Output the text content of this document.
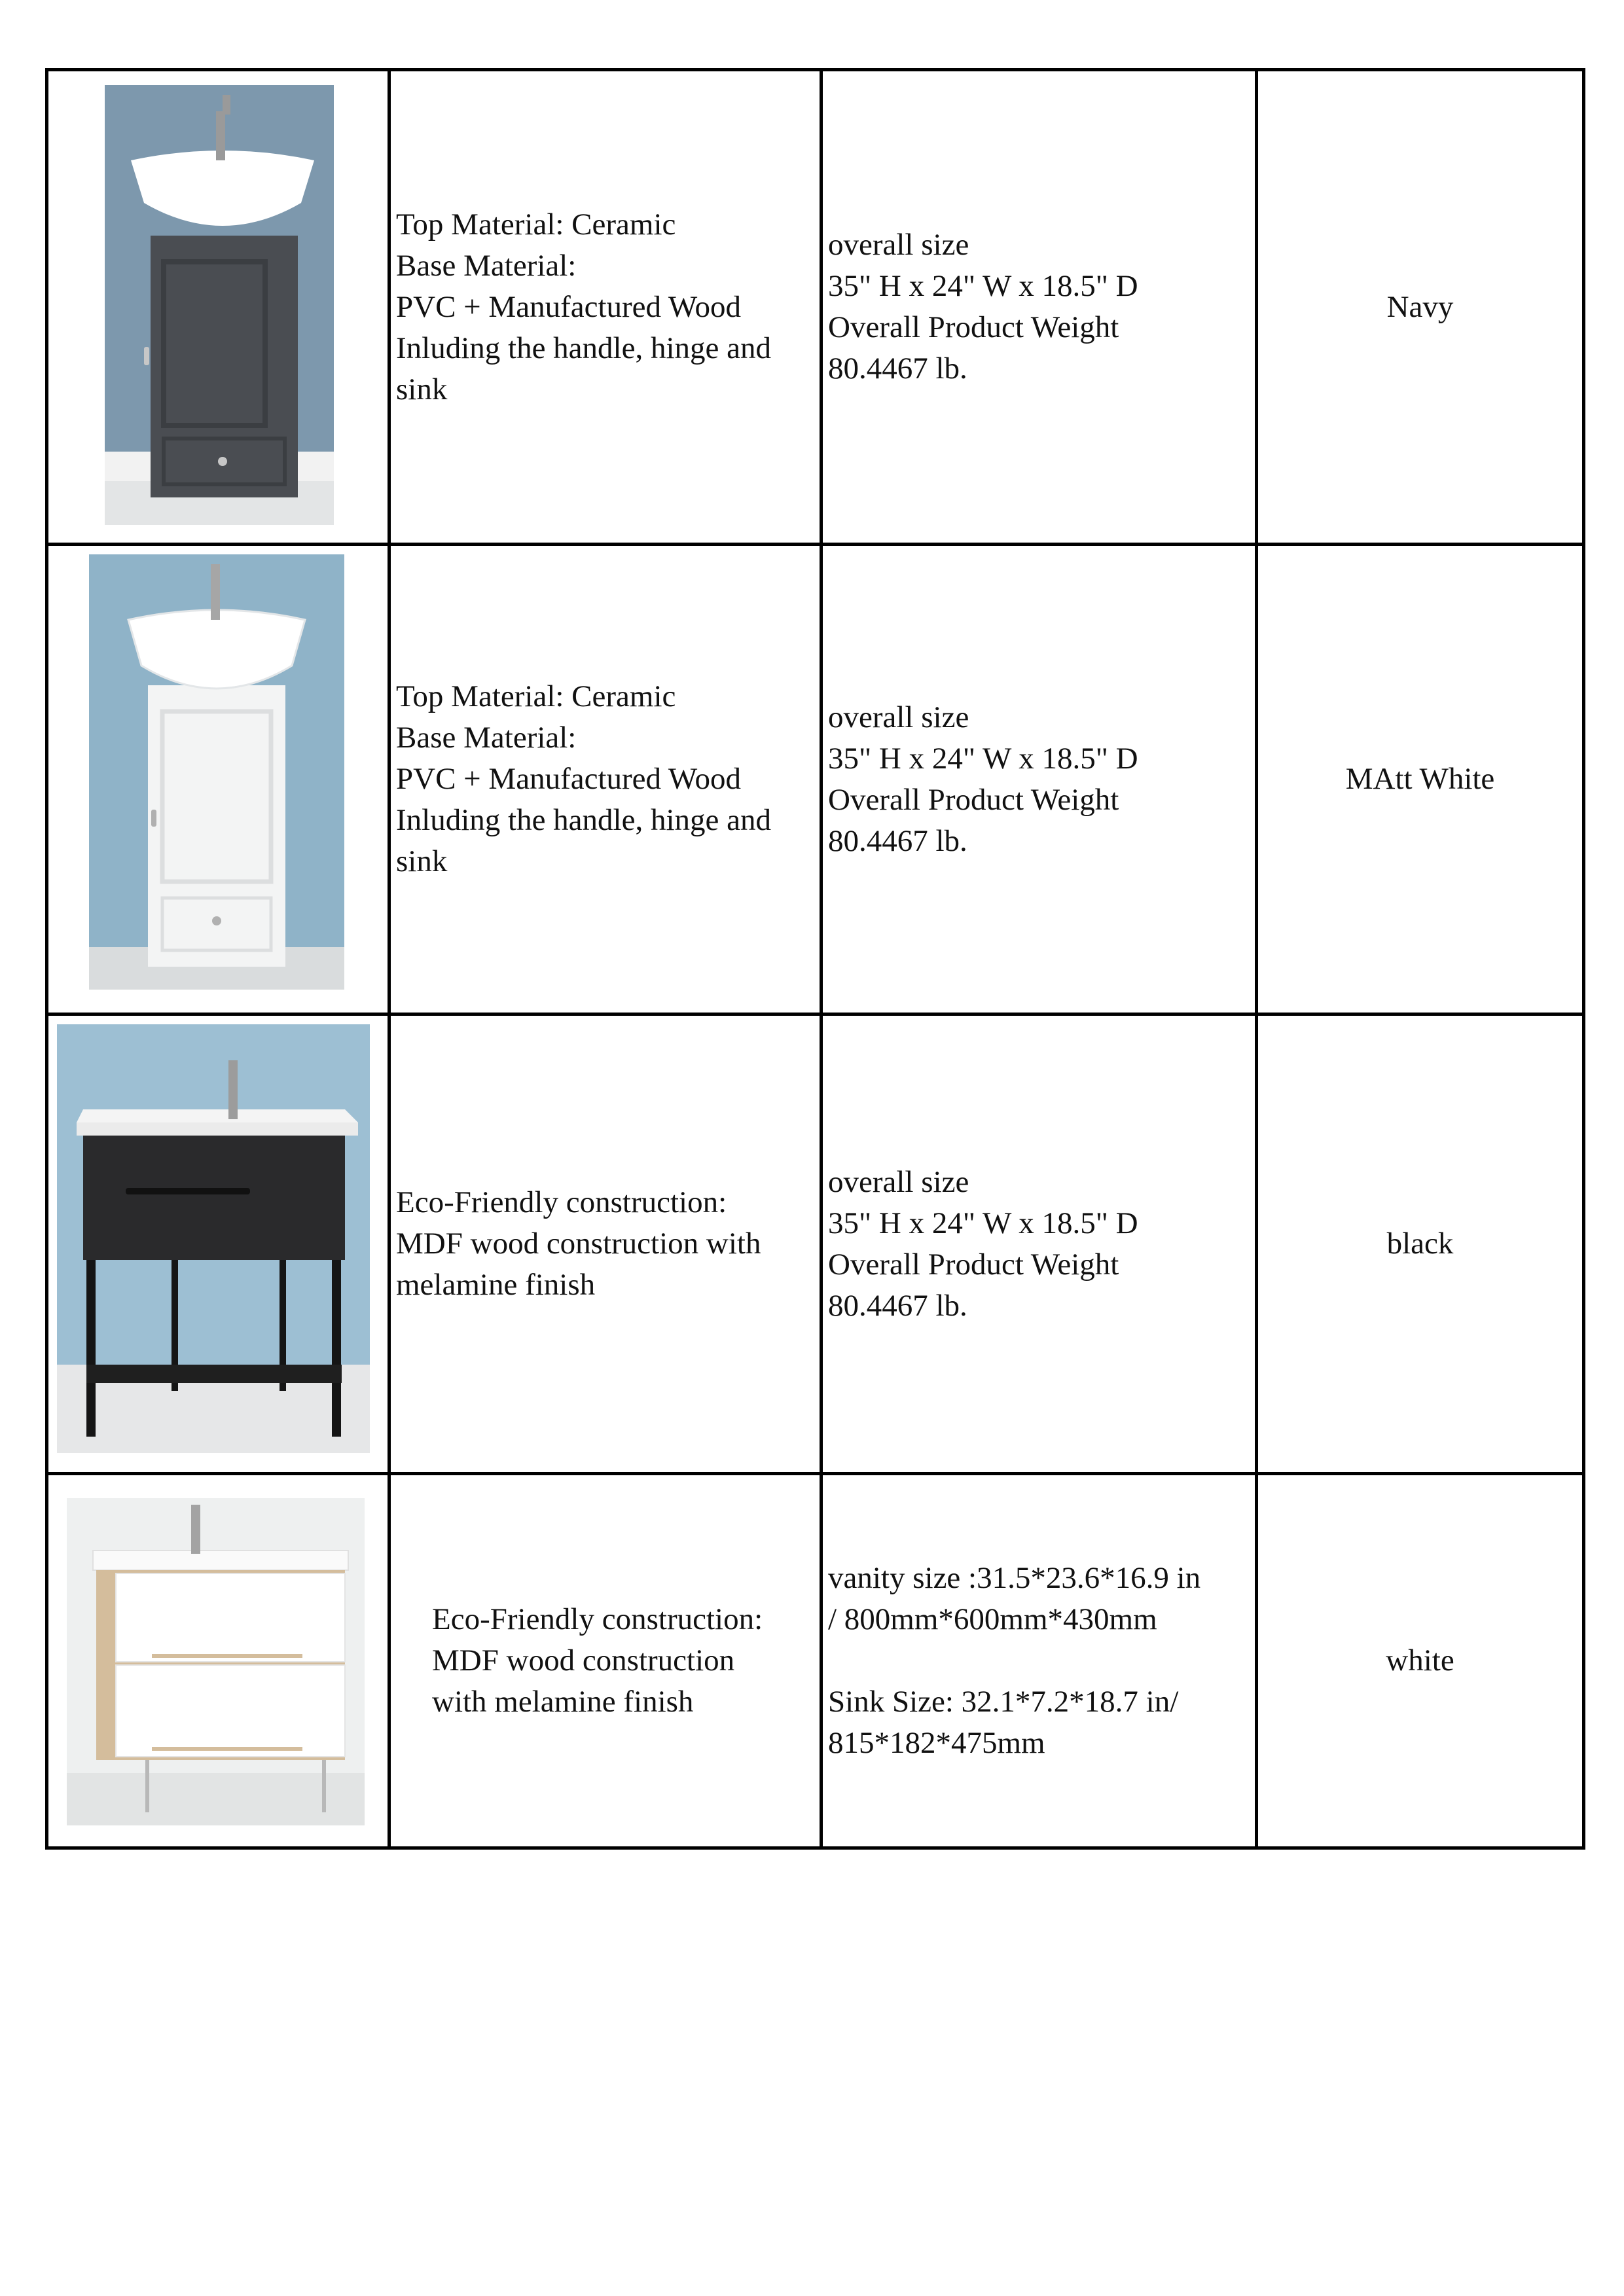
Top Material: Ceramic
Base Material:
PVC + Manufactured Wood
Inluding the handle, hinge and
sink	overall size
35" H x 24" W x 18.5" D
Overall Product Weight
80.4467 lb.	Navy

Top Material: Ceramic
Base Material:
PVC + Manufactured Wood
Inluding the handle, hinge and
sink	overall size
35" H x 24" W x 18.5" D
Overall Product Weight
80.4467 lb.	MAtt White

Eco-Friendly construction:
MDF wood construction with
melamine finish	overall size
35" H x 24" W x 18.5" D
Overall Product Weight
80.4467 lb.	black

Eco-Friendly construction:
MDF wood construction
with melamine finish	vanity size :31.5*23.6*16.9 in
/ 800mm*600mm*430mm

Sink Size: 32.1*7.2*18.7 in/
815*182*475mm	white
